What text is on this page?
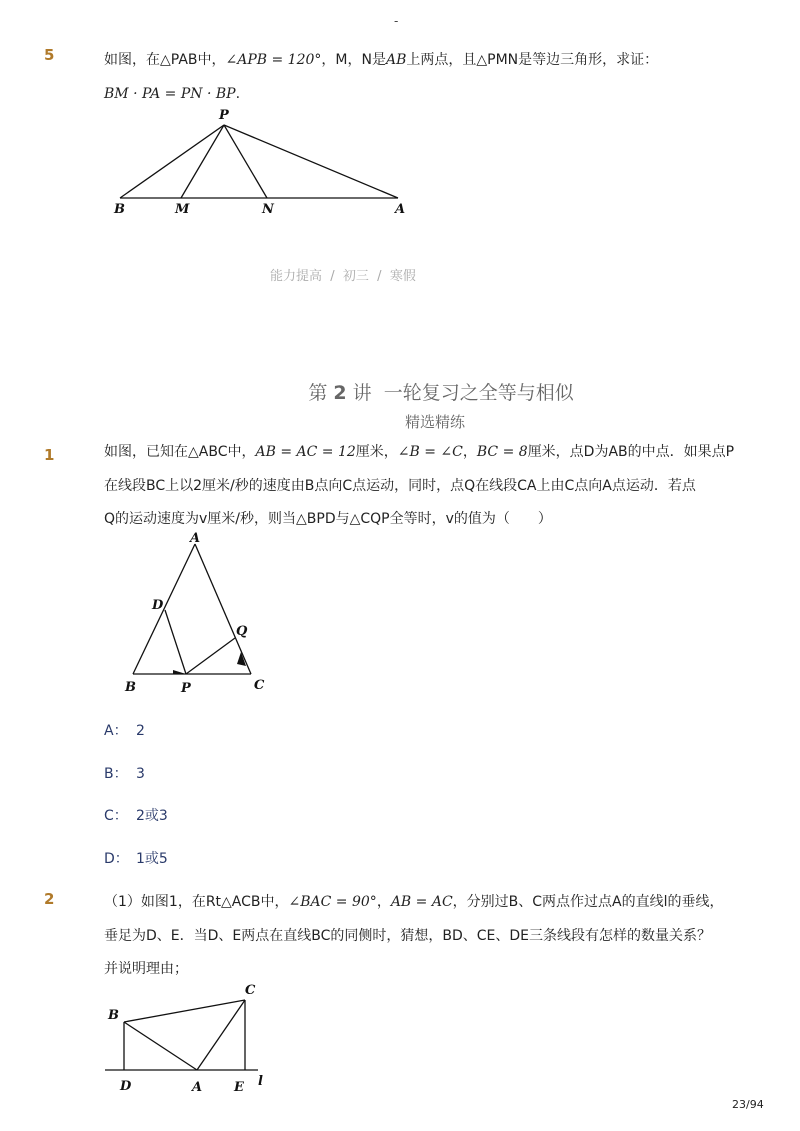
-
5	如图，在△PAB中，∠APB = 120°，M，N是AB上两点，且△PMN是等边三角形，求证：
BM · PA = PN · BP.
P
B	M	N	A
能力提高  /  初三  /  寒假

第 2 讲  一轮复习之全等与相似

精选精练
1	如图，已知在△ABC中，AB = AC = 12厘米，∠B = ∠C，BC = 8厘米，点D为AB的中点．如果点P
在线段BC上以2厘米/秒的速度由B点向C点运动，同时，点Q在线段CA上由C点向A点运动．若点
Q的运动速度为v厘米/秒，则当△BPD与△CQP全等时，v的值为（　　）
A
D
Q
B	P	C
A： 2
B： 3
C： 2或3
D： 1或5
2	（1）如图1，在Rt△ACB中，∠BAC = 90°，AB = AC，分别过B、C两点作过点A的直线l的垂线，
垂足为D、E．当D、E两点在直线BC的同侧时，猜想，BD、CE、DE三条线段有怎样的数量关系？
并说明理由；
B
C
D	A E l
23/94
